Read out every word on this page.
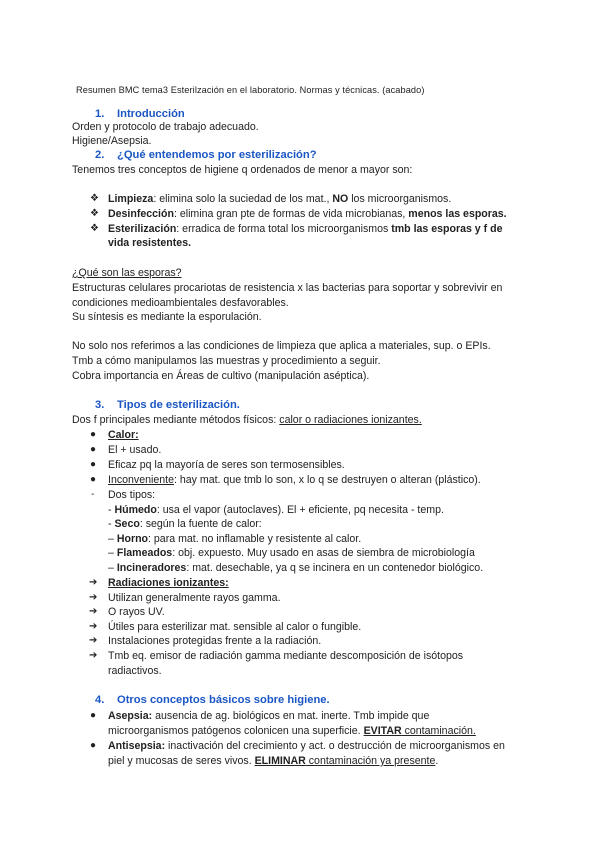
Resumen BMC tema3 Esterilzación en el laboratorio. Normas y técnicas. (acabado)
1. Introducción
Orden y protocolo de trabajo adecuado.
Higiene/Asepsia.
2. ¿Qué entendemos por esterilización?
Tenemos tres conceptos de higiene q ordenados de menor a mayor son:
❖ Limpieza: elimina solo la suciedad de los mat., NO los microorganismos.
❖ Desinfección: elimina gran pte de formas de vida microbianas, menos las esporas.
❖ Esterilización: erradica de forma total los microorganismos tmb las esporas y f de
vida resistentes.
¿Qué son las esporas?
Estructuras celulares procariotas de resistencia x las bacterias para soportar y sobrevivir en
condiciones medioambientales desfavorables.
Su síntesis es mediante la esporulación.
No solo nos referimos a las condiciones de limpieza que aplica a materiales, sup. o EPIs.
Tmb a cómo manipulamos las muestras y procedimiento a seguir.
Cobra importancia en Áreas de cultivo (manipulación aséptica).
3. Tipos de esterilización.
Dos f principales mediante métodos físicos: calor o radiaciones ionizantes.
● Calor:
● El + usado.
● Eficaz pq la mayoría de seres son termosensibles.
● Inconveniente: hay mat. que tmb lo son, x lo q se destruyen o alteran (plástico).
- Dos tipos:
- Húmedo: usa el vapor (autoclaves). El + eficiente, pq necesita - temp.
- Seco: según la fuente de calor:
– Horno: para mat. no inflamable y resistente al calor.
– Flameados: obj. expuesto. Muy usado en asas de siembra de microbiología
– Incineradores: mat. desechable, ya q se incinera en un contenedor biológico.
➔ Radiaciones ionizantes:
➔ Utilizan generalmente rayos gamma.
➔ O rayos UV.
➔ Útiles para esterilizar mat. sensible al calor o fungible.
➔ Instalaciones protegidas frente a la radiación.
➔ Tmb eq. emisor de radiación gamma mediante descomposición de isótopos
radiactivos.
4. Otros conceptos básicos sobre higiene.
● Asepsia: ausencia de ag. biológicos en mat. inerte. Tmb impide que
microorganismos patógenos colonicen una superficie. EVITAR contaminación.
● Antisepsia: inactivación del crecimiento y act. o destrucción de microorganismos en
piel y mucosas de seres vivos. ELIMINAR contaminación ya presente.
